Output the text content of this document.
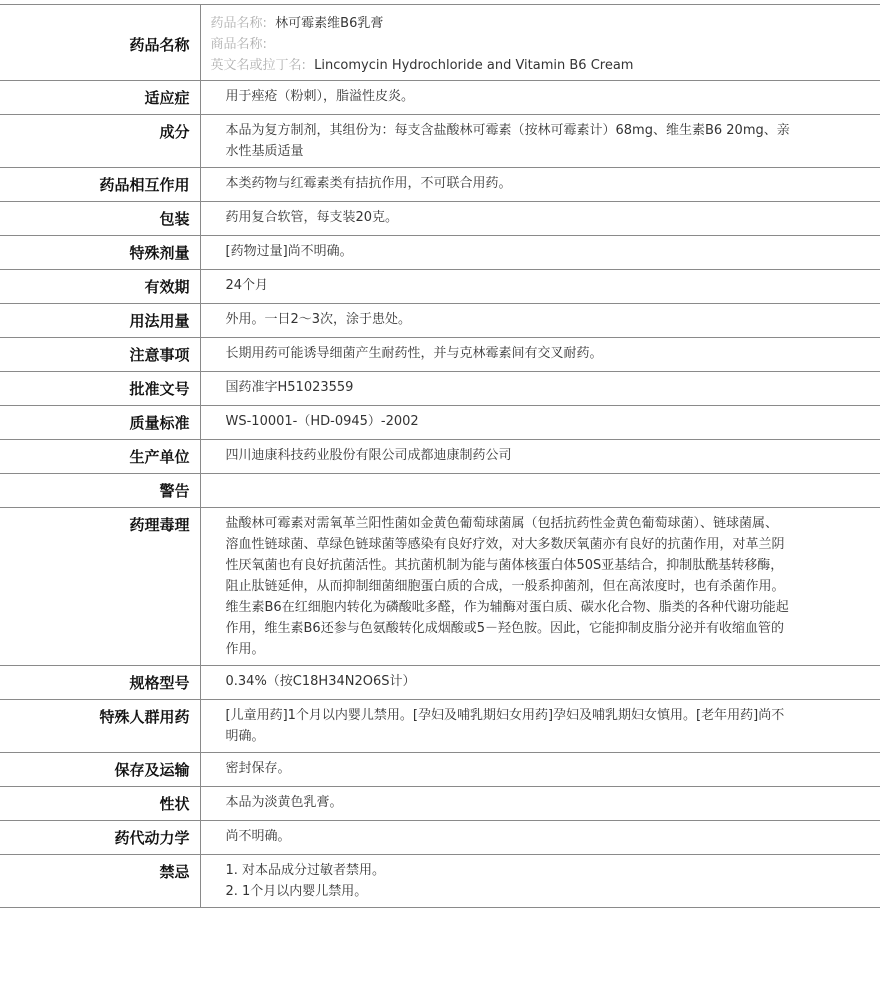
药品名称	药品名称: 林可霉素维B6乳膏
商品名称:
英文名或拉丁名: Lincomycin Hydrochloride and Vitamin B6 Cream

适应症	用于痤疮（粉刺），脂溢性皮炎。
成分	本品为复方制剂，其组份为：每支含盐酸林可霉素（按林可霉素计）68mg、维生素B6 20mg、亲水性基质适量
药品相互作用	本类药物与红霉素类有拮抗作用，不可联合用药。
包装	药用复合软管，每支装20克。
特殊剂量	[药物过量]尚不明确。
有效期	24个月
用法用量	外用。一日2～3次，涂于患处。
注意事项	长期用药可能诱导细菌产生耐药性，并与克林霉素间有交叉耐药。
批准文号	国药准字H51023559
质量标准	WS-10001-（HD-0945）-2002
生产单位	四川迪康科技药业股份有限公司成都迪康制药公司
警告	

药理毒理	盐酸林可霉素对需氧革兰阳性菌如金黄色葡萄球菌属（包括抗药性金黄色葡萄球菌）、链球菌属、溶血性链球菌、草绿色链球菌等感染有良好疗效，对大多数厌氧菌亦有良好的抗菌作用，对革兰阴性厌氧菌也有良好抗菌活性。其抗菌机制为能与菌体核蛋白体50S亚基结合，抑制肽酰基转移酶，阻止肽链延伸，从而抑制细菌细胞蛋白质的合成，一般系抑菌剂，但在高浓度时，也有杀菌作用。维生素B6在红细胞内转化为磷酸吡多醛，作为辅酶对蛋白质、碳水化合物、脂类的各种代谢功能起作用，维生素B6还参与色氨酸转化成烟酸或5－羟色胺。因此，它能抑制皮脂分泌并有收缩血管的作用。
规格型号	0.34%（按C18H34N2O6S计）
特殊人群用药	[儿童用药]1个月以内婴儿禁用。[孕妇及哺乳期妇女用药]孕妇及哺乳期妇女慎用。[老年用药]尚不明确。
保存及运输	密封保存。
性状	本品为淡黄色乳膏。
药代动力学	尚不明确。
禁忌	1. 对本品成分过敏者禁用。
2. 1个月以内婴儿禁用。
